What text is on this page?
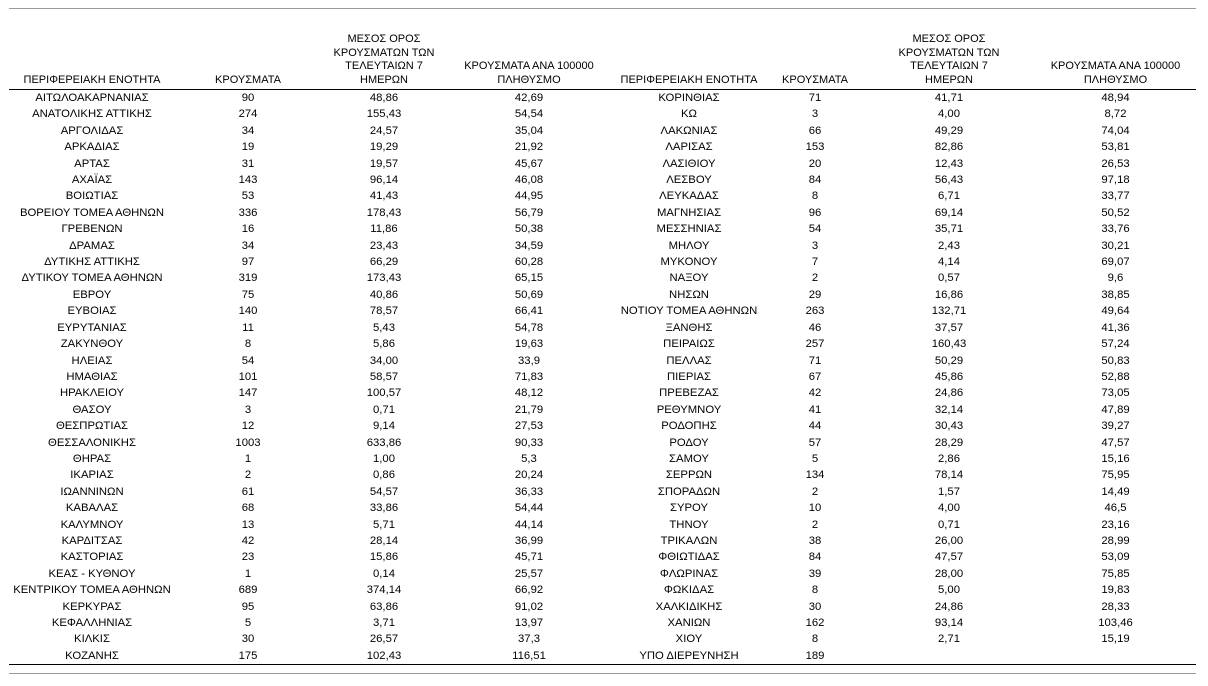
ΠΕΡΙΦΕΡΕΙΑΚΗ ΕΝΟΤΗΤΑ	ΚΡΟΥΣΜΑΤΑ	ΜΕΣΟΣ ΟΡΟΣ ΚΡΟΥΣΜΑΤΩΝ ΤΩΝ ΤΕΛΕΥΤΑΙΩΝ 7 ΗΜΕΡΩΝ	ΚΡΟΥΣΜΑΤΑ ΑΝΑ 100000 ΠΛΗΘΥΣΜΟ	ΠΕΡΙΦΕΡΕΙΑΚΗ ΕΝΟΤΗΤΑ	ΚΡΟΥΣΜΑΤΑ	ΜΕΣΟΣ ΟΡΟΣ ΚΡΟΥΣΜΑΤΩΝ ΤΩΝ ΤΕΛΕΥΤΑΙΩΝ 7 ΗΜΕΡΩΝ	ΚΡΟΥΣΜΑΤΑ ΑΝΑ 100000 ΠΛΗΘΥΣΜΟ
ΑΙΤΩΛΟΑΚΑΡΝΑΝΙΑΣ	90	48,86	42,69	ΚΟΡΙΝΘΙΑΣ	71	41,71	48,94
ΑΝΑΤΟΛΙΚΗΣ ΑΤΤΙΚΗΣ	274	155,43	54,54	ΚΩ	3	4,00	8,72
ΑΡΓΟΛΙΔΑΣ	34	24,57	35,04	ΛΑΚΩΝΙΑΣ	66	49,29	74,04
ΑΡΚΑΔΙΑΣ	19	19,29	21,92	ΛΑΡΙΣΑΣ	153	82,86	53,81
ΑΡΤΑΣ	31	19,57	45,67	ΛΑΣΙΘΙΟΥ	20	12,43	26,53
ΑΧΑΪΑΣ	143	96,14	46,08	ΛΕΣΒΟΥ	84	56,43	97,18
ΒΟΙΩΤΙΑΣ	53	41,43	44,95	ΛΕΥΚΑΔΑΣ	8	6,71	33,77
ΒΟΡΕΙΟΥ ΤΟΜΕΑ ΑΘΗΝΩΝ	336	178,43	56,79	ΜΑΓΝΗΣΙΑΣ	96	69,14	50,52
ΓΡΕΒΕΝΩΝ	16	11,86	50,38	ΜΕΣΣΗΝΙΑΣ	54	35,71	33,76
ΔΡΑΜΑΣ	34	23,43	34,59	ΜΗΛΟΥ	3	2,43	30,21
ΔΥΤΙΚΗΣ ΑΤΤΙΚΗΣ	97	66,29	60,28	ΜΥΚΟΝΟΥ	7	4,14	69,07
ΔΥΤΙΚΟΥ ΤΟΜΕΑ ΑΘΗΝΩΝ	319	173,43	65,15	ΝΑΞΟΥ	2	0,57	9,6
ΕΒΡΟΥ	75	40,86	50,69	ΝΗΣΩΝ	29	16,86	38,85
ΕΥΒΟΙΑΣ	140	78,57	66,41	ΝΟΤΙΟΥ ΤΟΜΕΑ ΑΘΗΝΩΝ	263	132,71	49,64
ΕΥΡΥΤΑΝΙΑΣ	11	5,43	54,78	ΞΑΝΘΗΣ	46	37,57	41,36
ΖΑΚΥΝΘΟΥ	8	5,86	19,63	ΠΕΙΡΑΙΩΣ	257	160,43	57,24
ΗΛΕΙΑΣ	54	34,00	33,9	ΠΕΛΛΑΣ	71	50,29	50,83
ΗΜΑΘΙΑΣ	101	58,57	71,83	ΠΙΕΡΙΑΣ	67	45,86	52,88
ΗΡΑΚΛΕΙΟΥ	147	100,57	48,12	ΠΡΕΒΕΖΑΣ	42	24,86	73,05
ΘΑΣΟΥ	3	0,71	21,79	ΡΕΘΥΜΝΟΥ	41	32,14	47,89
ΘΕΣΠΡΩΤΙΑΣ	12	9,14	27,53	ΡΟΔΟΠΗΣ	44	30,43	39,27
ΘΕΣΣΑΛΟΝΙΚΗΣ	1003	633,86	90,33	ΡΟΔΟΥ	57	28,29	47,57
ΘΗΡΑΣ	1	1,00	5,3	ΣΑΜΟΥ	5	2,86	15,16
ΙΚΑΡΙΑΣ	2	0,86	20,24	ΣΕΡΡΩΝ	134	78,14	75,95
ΙΩΑΝΝΙΝΩΝ	61	54,57	36,33	ΣΠΟΡΑΔΩΝ	2	1,57	14,49
ΚΑΒΑΛΑΣ	68	33,86	54,44	ΣΥΡΟΥ	10	4,00	46,5
ΚΑΛΥΜΝΟΥ	13	5,71	44,14	ΤΗΝΟΥ	2	0,71	23,16
ΚΑΡΔΙΤΣΑΣ	42	28,14	36,99	ΤΡΙΚΑΛΩΝ	38	26,00	28,99
ΚΑΣΤΟΡΙΑΣ	23	15,86	45,71	ΦΘΙΩΤΙΔΑΣ	84	47,57	53,09
ΚΕΑΣ - ΚΥΘΝΟΥ	1	0,14	25,57	ΦΛΩΡΙΝΑΣ	39	28,00	75,85
ΚΕΝΤΡΙΚΟΥ ΤΟΜΕΑ ΑΘΗΝΩΝ	689	374,14	66,92	ΦΩΚΙΔΑΣ	8	5,00	19,83
ΚΕΡΚΥΡΑΣ	95	63,86	91,02	ΧΑΛΚΙΔΙΚΗΣ	30	24,86	28,33
ΚΕΦΑΛΛΗΝΙΑΣ	5	3,71	13,97	ΧΑΝΙΩΝ	162	93,14	103,46
ΚΙΛΚΙΣ	30	26,57	37,3	ΧΙΟΥ	8	2,71	15,19
ΚΟΖΑΝΗΣ	175	102,43	116,51	ΥΠΟ ΔΙΕΡΕΥΝΗΣΗ	189		
